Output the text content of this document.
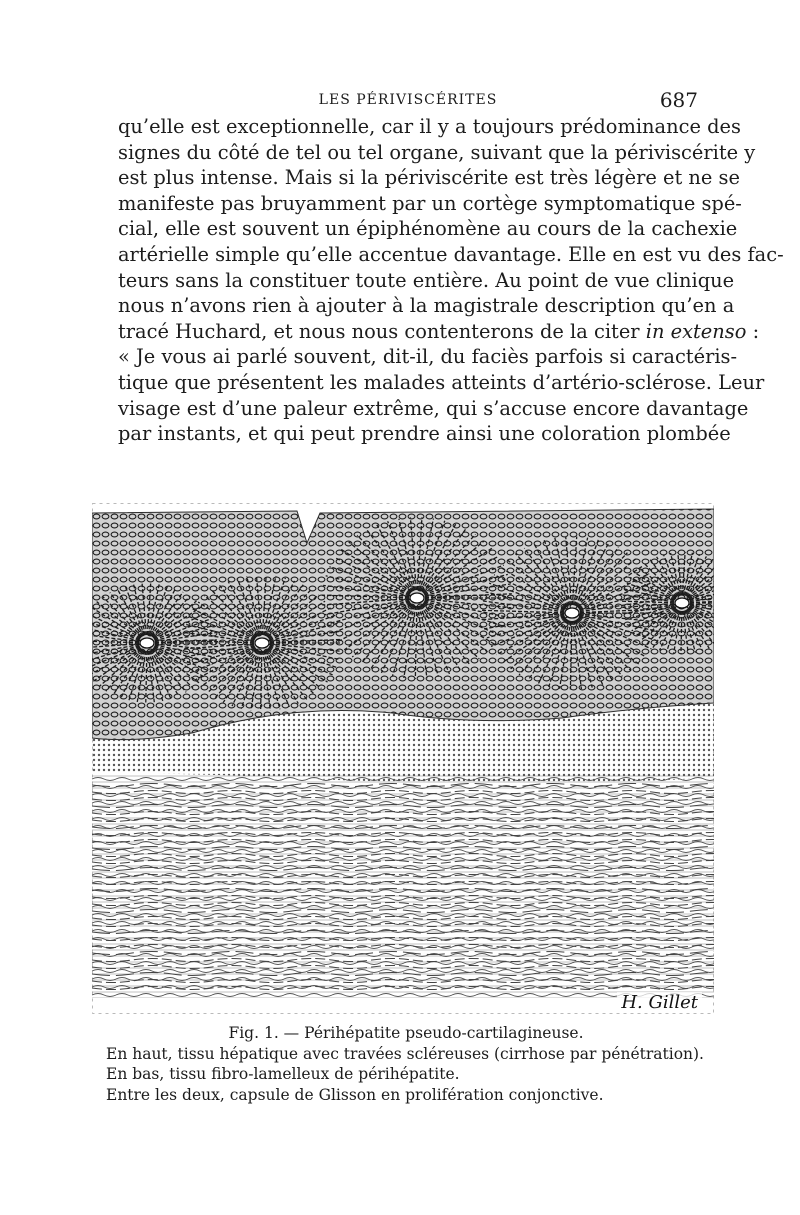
LES PÉRIVISCÉRITES	687
qu’elle est exceptionnelle, car il y a toujours prédominance des
signes du côté de tel ou tel organe, suivant que la périviscérite y
est plus intense. Mais si la périviscérite est très légère et ne se
manifeste pas bruyamment par un cortège symptomatique spé-
cial, elle est souvent un épiphénomène au cours de la cachexie
artérielle simple qu’elle accentue davantage. Elle en est vu des fac-
teurs sans la constituer toute entière. Au point de vue clinique
nous n’avons rien à ajouter à la magistrale description qu’en a
tracé Huchard, et nous nous contenterons de la citer in extenso :
« Je vous ai parlé souvent, dit-il, du faciès parfois si caractéris-
tique que présentent les malades atteints d’artério-sclérose. Leur
visage est d’une paleur extrême, qui s’accuse encore davantage
par instants, et qui peut prendre ainsi une coloration plombée
H. Gillet
Fig. 1. — Périhépatite pseudo-cartilagineuse.
En haut, tissu hépatique avec travées scléreuses (cirrhose par pénétration).
En bas, tissu fibro-lamelleux de périhépatite.
Entre les deux, capsule de Glisson en prolifération conjonctive.
